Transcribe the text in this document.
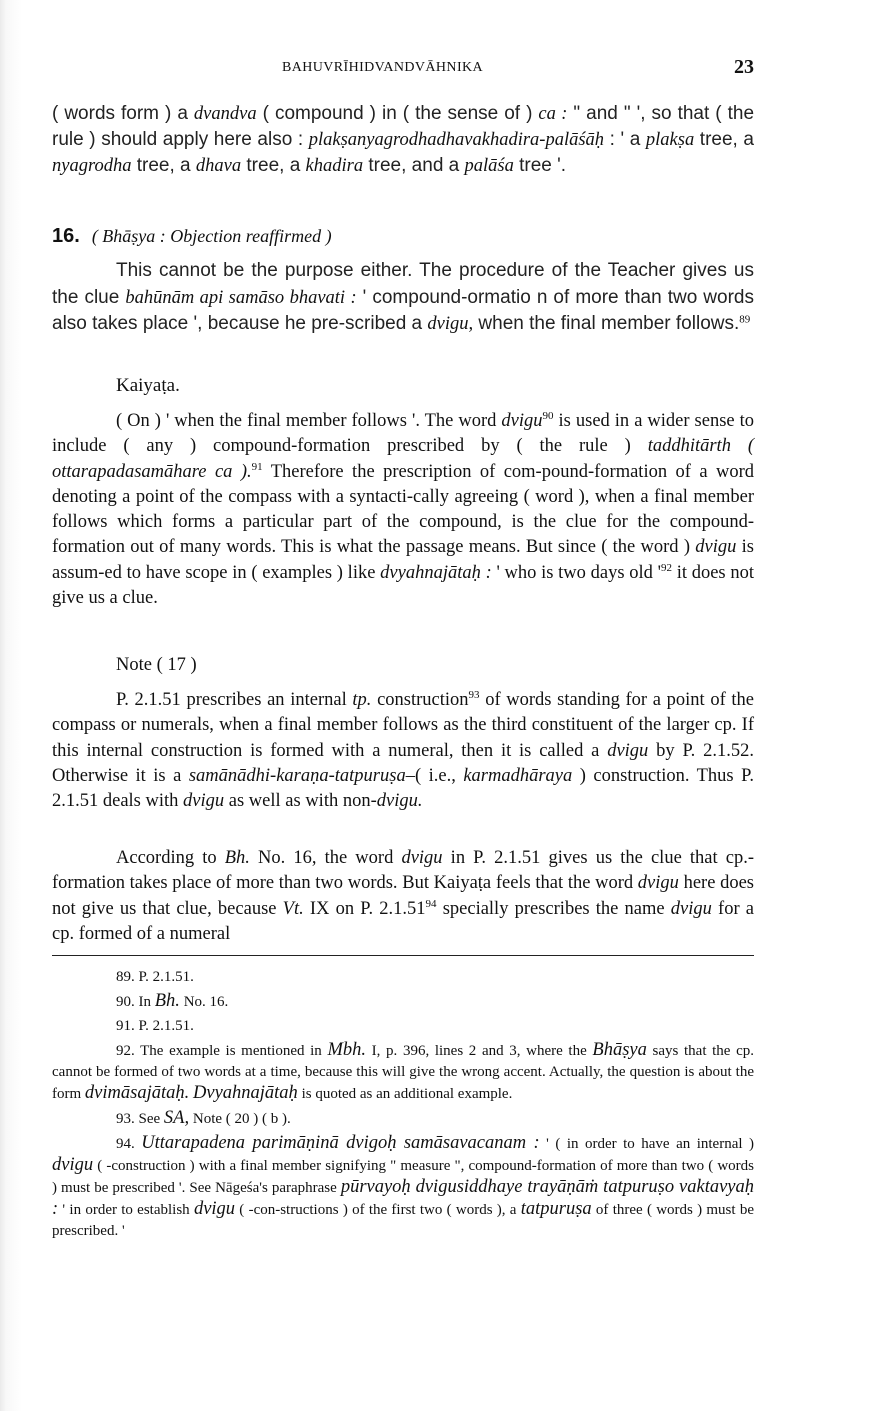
BAHUVRĪHIDVANDVĀHNIKA	23
( words form ) a dvandva ( compound ) in ( the sense of ) ca : " and " ', so that ( the rule ) should apply here also : plakṣanyagrodhadhavakhadira-palāśāḥ : ' a plakṣa tree, a nyagrodha tree, a dhava tree, a khadira tree, and a palāśa tree '.
16. ( Bhāṣya : Objection reaffirmed )
This cannot be the purpose either. The procedure of the Teacher gives us the clue bahūnām api samāso bhavati : ' compound-ormatio n of more than two words also takes place ', because he pre-scribed a dvigu, when the final member follows.$^{89}$
Kaiyaṭa.
( On ) ' when the final member follows '. The word dvigu$^{90}$ is used in a wider sense to include ( any ) compound-formation prescribed by ( the rule ) taddhitārth ( ottarapadasamāhare ca ).$^{91}$ Therefore the prescription of com-pound-formation of a word denoting a point of the compass with a syntacti-cally agreeing ( word ), when a final member follows which forms a particular part of the compound, is the clue for the compound-formation out of many words. This is what the passage means. But since ( the word ) dvigu is assum-ed to have scope in ( examples ) like dvyahnajātaḥ : ' who is two days old '$^{92}$ it does not give us a clue.
Note ( 17 )
P. 2.1.51 prescribes an internal tp. construction$^{93}$ of words standing for a point of the compass or numerals, when a final member follows as the third constituent of the larger cp. If this internal construction is formed with a numeral, then it is called a dvigu by P. 2.1.52. Otherwise it is a samānādhi-karaṇa-tatpuruṣa–( i.e., karmadhāraya ) construction. Thus P. 2.1.51 deals with dvigu as well as with non-dvigu.
According to Bh. No. 16, the word dvigu in P. 2.1.51 gives us the clue that cp.-formation takes place of more than two words. But Kaiyaṭa feels that the word dvigu here does not give us that clue, because Vt. IX on P. 2.1.51$^{94}$ specially prescribes the name dvigu for a cp. formed of a numeral

89. P. 2.1.51.

90. In Bh. No. 16.

91. P. 2.1.51.

92. The example is mentioned in Mbh. I, p. 396, lines 2 and 3, where the Bhāṣya says that the cp. cannot be formed of two words at a time, because this will give the wrong accent. Actually, the question is about the form dvimāsajātaḥ. Dvyahnajātaḥ is quoted as an additional example.

93. See SA, Note ( 20 ) ( b ).

94. Uttarapadena parimāṇinā dvigoḥ samāsavacanam : ' ( in order to have an internal ) dvigu ( -construction ) with a final member signifying " measure ", compound-formation of more than two ( words ) must be prescribed '. See Nāgeśa's paraphrase pūrvayoḥ dvigusiddhaye trayāṇāṁ tatpuruṣo vaktavyaḥ : ' in order to establish dvigu ( -con-structions ) of the first two ( words ), a tatpuruṣa of three ( words ) must be prescribed. '
